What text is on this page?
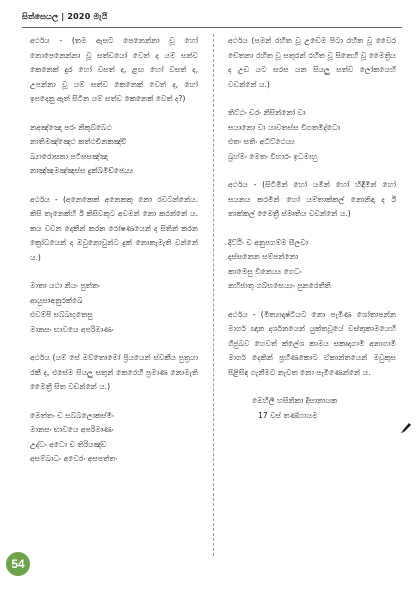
සිත්සෙයල | 2020 මැයි

අර්ථය - (තම ඇසට පෙනෙන්නා වූ හෝ නොපෙනෙන්නා වූ සත්වයෝ වෙත් ද යම් සත්ව කෙනෙක් දුර හෝ වසත් ද, ළඟ හෝ වසත් ද, උපන්නා වූ යම් සත්ව කෙනෙක් වෙත් ද, හෝ ඉපදෙනු ඇත් සිටින යම් සත්ව කෙනෙක් වෙත් ද?)

නඅඤ්ඤො පරං නිකුබ්බෙථ
නාතිමඤ්ඤෙථ කත්ථචිනකඤ්චි
බ්‍යාරොසනා පටිඝසඤ්ඤා
නාඤ්ඤමඤ්ඤස්ස දුක්ඛමිච්ඡෙය්‍ය

අර්ථය - (අනෙකෙක් අනෙකකු නො රවටන්නේය. කිසි තැනෙක්හි ඊ කිසිවකුට අවමන් නො කරන්නේ ය. කය වචන දෙකින් කරන රෝෂණයෙන් ද සිතින් කරන ක්‍රෝධයෙන් ද ඔවුනොවුන්ට දුක් නොකැමැති වන්නේ ය.)

මාතා යථා නියං පුත්තං
ආයුසාඅනුරක්ඛෙ
එවම්පි සබ්බභුතෙසු
මානසං භාවයෙ අපරිමාණං

අර්ථය (යම් සේ මව්තොමෝ ප්‍රියයෙන් ස්වකීය පුත්‍රයා රකී ද, එසේම සියලු සතුන් කෙරෙහි ප්‍රමාණ නොමැති මෛත්‍රී සිත වඩන්නේ ය.)

මෙත්තං ච සබ්බලොකස්මිං
මානසං භාවයෙ අපරිමාණං
උද්ධං අධො ච තිරියඤ්ච
අසම්බාධං අවෙරං අසපත්තං

අර්ථය (සමන් රහිත වූ උඩෙම පිටා රහිත වූ වෛර චේතනා රහිත වූ සතුරන් රහිත වූ සිතෙහි වූ මෛත්‍රිය ද උඩ යට සරස යන සියලු සත්ව ලෝකයෙහි වඩන්නේ ය.)

තිට්ඨං චරං නිසින්නෝ වා
සයානො වා යාවතස්ස විගතමිද්ධො
එතං සතිං අධිට්ඨෙය්‍ය
බ්‍රහ්මං මෙතං විහාරං ඉධමාහු

අර්ථය - (සිටීමින් හෝ යමින් හෝ හිඳීමින් හෝ සයනය කරමින් හෝ යම්තාක්කල් නොනිඳා ද ඊ තාක්කල් මෛත්‍රී ස්මෘතිය වඩන්නේ ය.)

දිට්ඨිං ච අනුපගම්ම සීලවා
දස්සනෙන සම්පන්නො
කාමෙසු විනෙය්‍ය ගෙධං
නහිජාතු ගබ්භසෙය්‍යං පුනරෙතීති

අර්ථය - (මිත්‍යාදෘෂ්ටියට නො පැමිණ ශෝතාපන්න මාර්ග ඥාන දර්ශනයෙන් යුක්තවූයේ වස්තුකාමයෙහි ගිජුබව හෙවත් ක්ලේශ කාමය සකෘදාගාමි අනාගාමි මාර්ග දෙකින් ප්‍රහීණකොට ඒකාන්තයෙන් මවුකුස පිළිසිඳ ගැනීමට නැවත නො පැමිණෙන්නේ ය.

ඔෙහිලී හසිනිකා දිසානායක
17 වස් තණ්හායම
54
